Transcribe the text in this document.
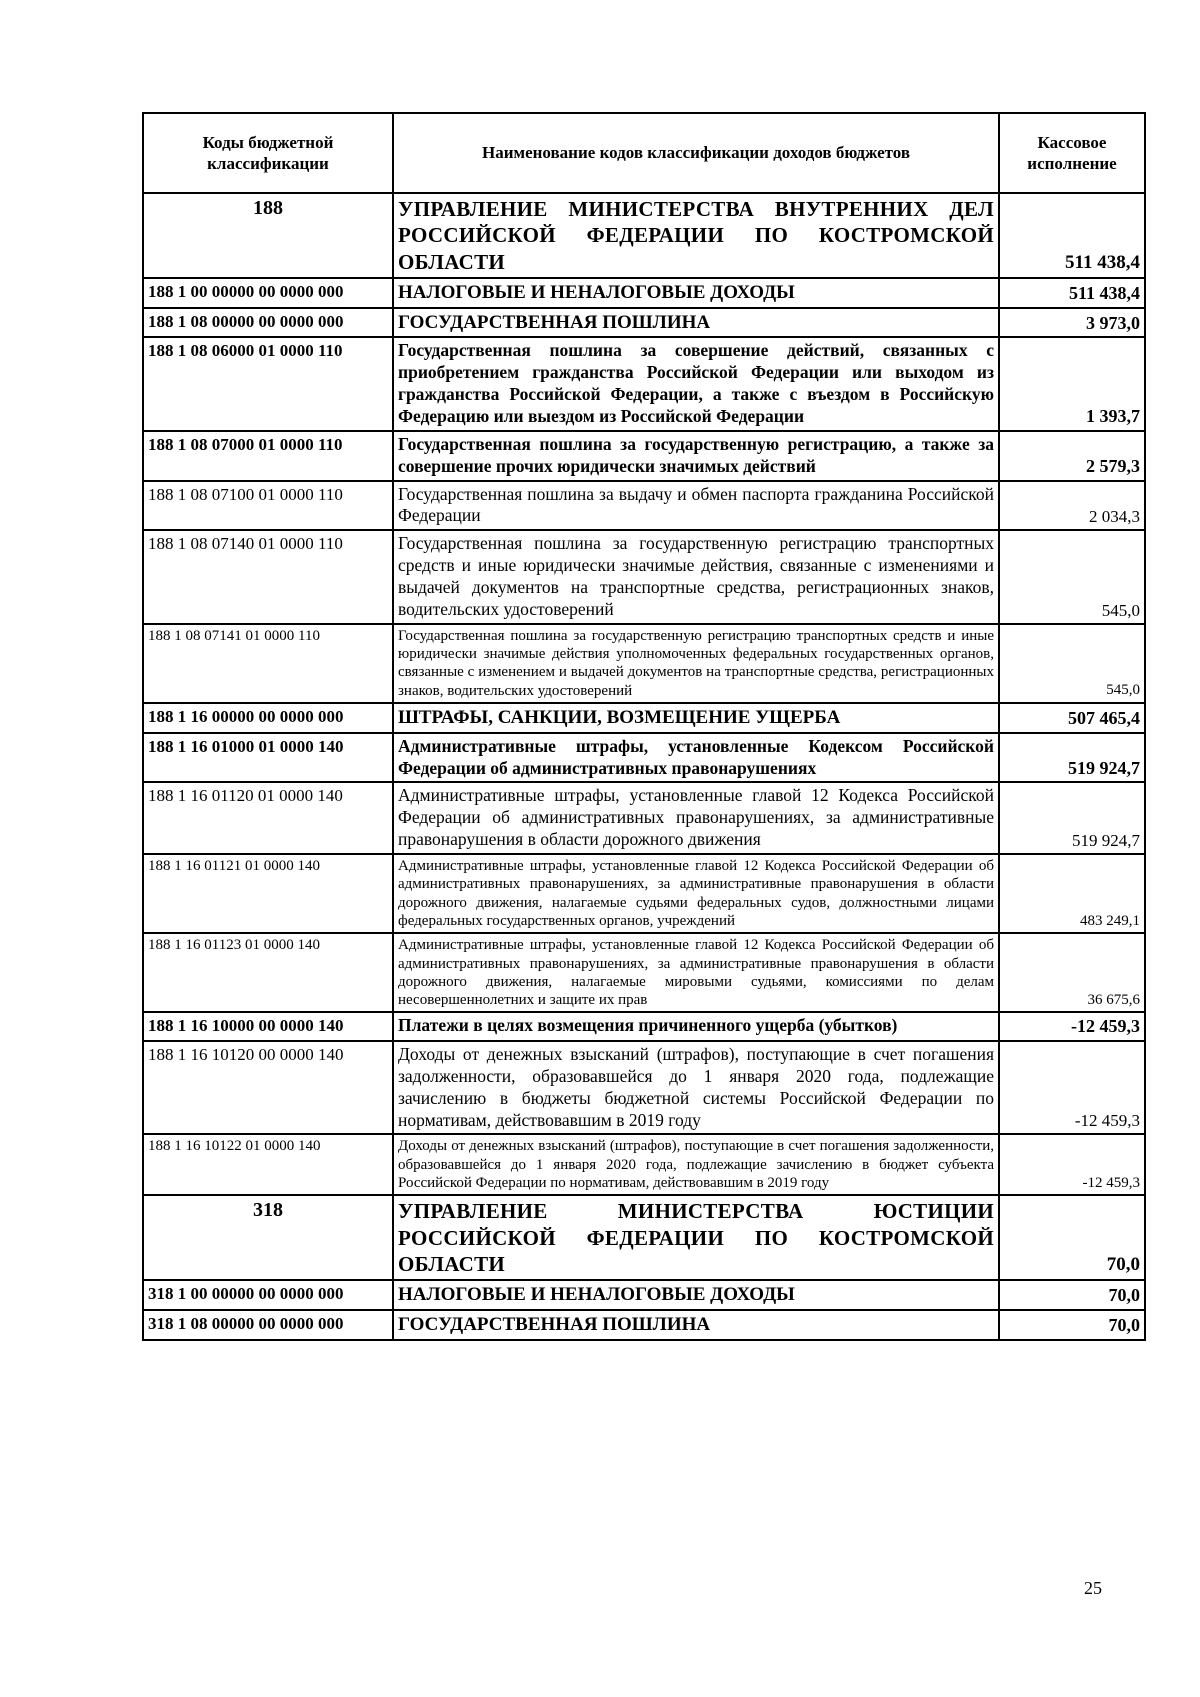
Коды бюджетной классификации	Наименование кодов классификации доходов бюджетов	Кассовое исполнение
188	УПРАВЛЕНИЕ МИНИСТЕРСТВА ВНУТРЕННИХ ДЕЛ РОССИЙСКОЙ ФЕДЕРАЦИИ ПО КОСТРОМСКОЙ ОБЛАСТИ	511 438,4
188 1 00 00000 00 0000 000	НАЛОГОВЫЕ И НЕНАЛОГОВЫЕ ДОХОДЫ	511 438,4
188 1 08 00000 00 0000 000	ГОСУДАРСТВЕННАЯ ПОШЛИНА	3 973,0
188 1 08 06000 01 0000 110	Государственная пошлина за совершение действий, связанных с приобретением гражданства Российской Федерации или выходом из гражданства Российской Федерации, а также с въездом в Российскую Федерацию или выездом из Российской Федерации	1 393,7
188 1 08 07000 01 0000 110	Государственная пошлина за государственную регистрацию, а также за совершение прочих юридически значимых действий	2 579,3
188 1 08 07100 01 0000 110	Государственная пошлина за выдачу и обмен паспорта гражданина Российской Федерации	2 034,3
188 1 08 07140 01 0000 110	Государственная пошлина за государственную регистрацию транспортных средств и иные юридически значимые действия, связанные с изменениями и выдачей документов на транспортные средства, регистрационных знаков, водительских удостоверений	545,0
188 1 08 07141 01 0000 110	Государственная пошлина за государственную регистрацию транспортных средств и иные юридически значимые действия уполномоченных федеральных государственных органов, связанные с изменением и выдачей документов на транспортные средства, регистрационных знаков, водительских удостоверений	545,0
188 1 16 00000 00 0000 000	ШТРАФЫ, САНКЦИИ, ВОЗМЕЩЕНИЕ УЩЕРБА	507 465,4
188 1 16 01000 01 0000 140	Административные штрафы, установленные Кодексом Российской Федерации об административных правонарушениях	519 924,7
188 1 16 01120 01 0000 140	Административные штрафы, установленные главой 12 Кодекса Российской Федерации об административных правонарушениях, за административные правонарушения в области дорожного движения	519 924,7
188 1 16 01121 01 0000 140	Административные штрафы, установленные главой 12 Кодекса Российской Федерации об административных правонарушениях, за административные правонарушения в области дорожного движения, налагаемые судьями федеральных судов, должностными лицами федеральных государственных органов, учреждений	483 249,1
188 1 16 01123 01 0000 140	Административные штрафы, установленные главой 12 Кодекса Российской Федерации об административных правонарушениях, за административные правонарушения в области дорожного движения, налагаемые мировыми судьями, комиссиями по делам несовершеннолетних и защите их прав	36 675,6
188 1 16 10000 00 0000 140	Платежи в целях возмещения причиненного ущерба (убытков)	-12 459,3
188 1 16 10120 00 0000 140	Доходы от денежных взысканий (штрафов), поступающие в счет погашения задолженности, образовавшейся до 1 января 2020 года, подлежащие зачислению в бюджеты бюджетной системы Российской Федерации по нормативам, действовавшим в 2019 году	-12 459,3
188 1 16 10122 01 0000 140	Доходы от денежных взысканий (штрафов), поступающие в счет погашения задолженности, образовавшейся до 1 января 2020 года, подлежащие зачислению в бюджет субъекта Российской Федерации по нормативам, действовавшим в 2019 году	-12 459,3
318	УПРАВЛЕНИЕ МИНИСТЕРСТВА ЮСТИЦИИ РОССИЙСКОЙ ФЕДЕРАЦИИ ПО КОСТРОМСКОЙ ОБЛАСТИ	70,0
318 1 00 00000 00 0000 000	НАЛОГОВЫЕ И НЕНАЛОГОВЫЕ ДОХОДЫ	70,0
318 1 08 00000 00 0000 000	ГОСУДАРСТВЕННАЯ ПОШЛИНА	70,0
25
